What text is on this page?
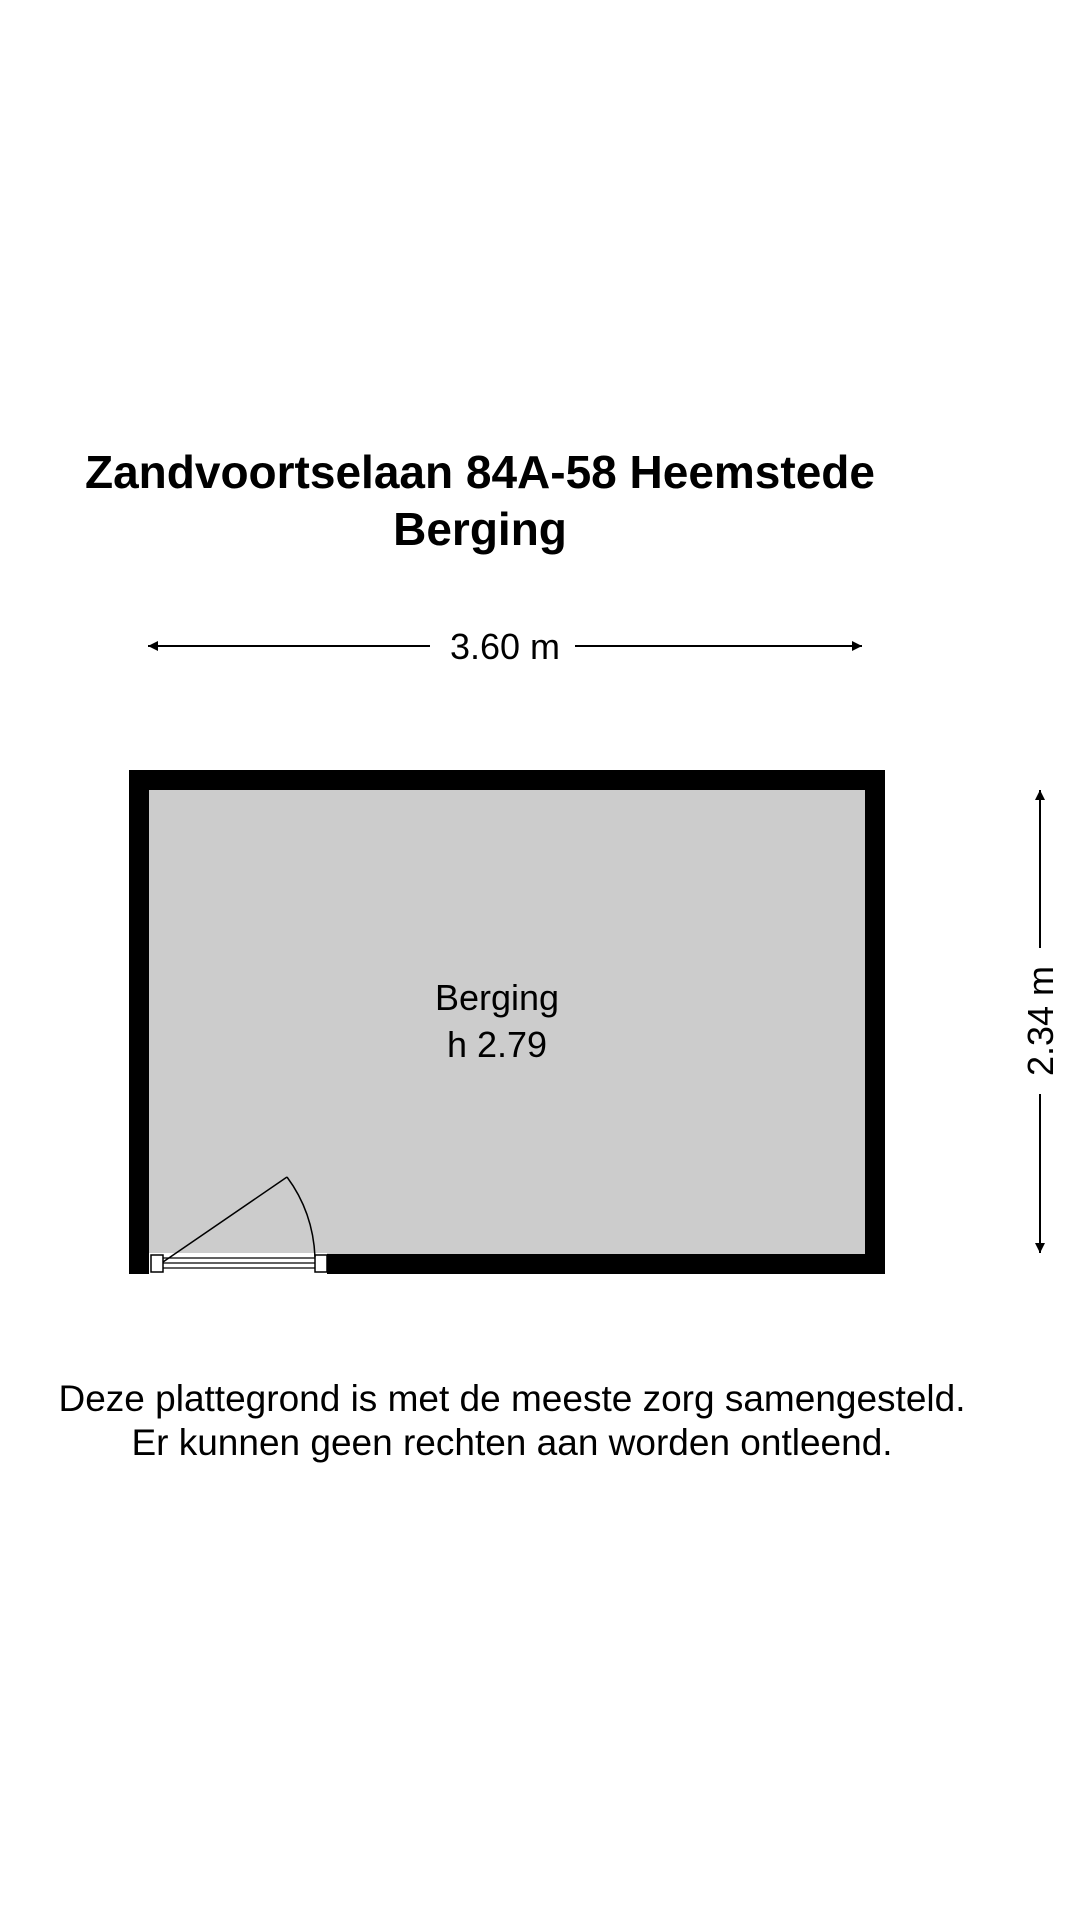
Zandvoortselaan 84A-58 Heemstede
Berging
3.60 m
Berging
h 2.79	2.34 m
Deze plattegrond is met de meeste zorg samengesteld.
Er kunnen geen rechten aan worden ontleend.
